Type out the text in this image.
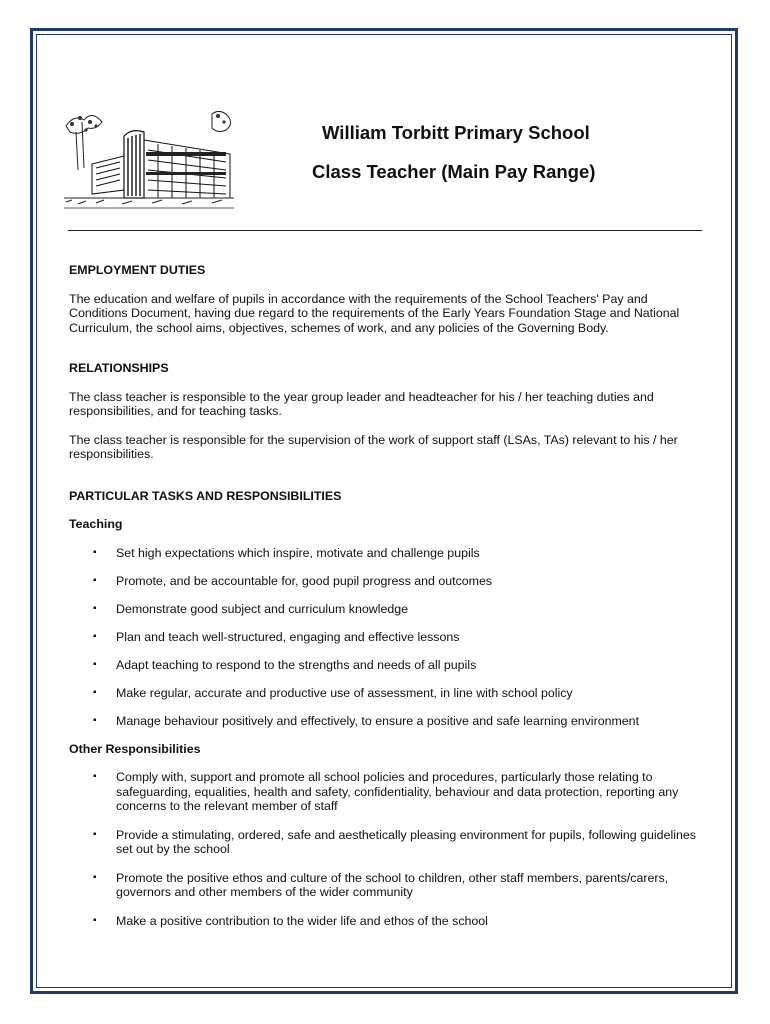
William Torbitt Primary School
Class Teacher (Main Pay Range)
EMPLOYMENT DUTIES

The education and welfare of pupils in accordance with the requirements of the School Teachers' Pay and Conditions Document, having due regard to the requirements of the Early Years Foundation Stage and National Curriculum, the school aims, objectives, schemes of work, and any policies of the Governing Body.

RELATIONSHIPS

The class teacher is responsible to the year group leader and headteacher for his / her teaching duties and responsibilities, and for teaching tasks.

The class teacher is responsible for the supervision of the work of support staff (LSAs, TAs) relevant to his / her responsibilities.

PARTICULAR TASKS AND RESPONSIBILITIES
Teaching
▪ Set high expectations which inspire, motivate and challenge pupils
▪ Promote, and be accountable for, good pupil progress and outcomes
▪ Demonstrate good subject and curriculum knowledge
▪ Plan and teach well-structured, engaging and effective lessons
▪ Adapt teaching to respond to the strengths and needs of all pupils
▪ Make regular, accurate and productive use of assessment, in line with school policy
▪ Manage behaviour positively and effectively, to ensure a positive and safe learning environment
Other Responsibilities
▪ Comply with, support and promote all school policies and procedures, particularly those relating to safeguarding, equalities, health and safety, confidentiality, behaviour and data protection, reporting any concerns to the relevant member of staff
▪ Provide a stimulating, ordered, safe and aesthetically pleasing environment for pupils, following guidelines set out by the school
▪ Promote the positive ethos and culture of the school to children, other staff members, parents/carers, governors and other members of the wider community
▪ Make a positive contribution to the wider life and ethos of the school
